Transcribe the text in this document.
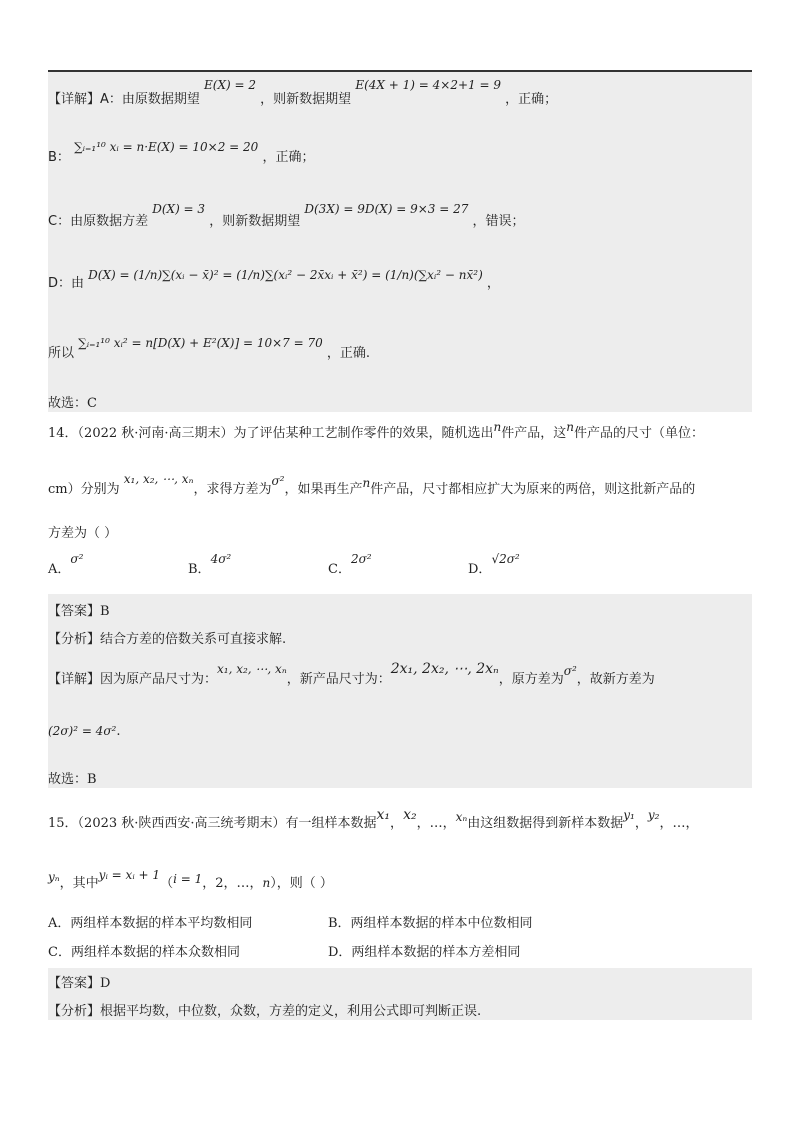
【详解】A：由原数据期望 E(X) = 2 ，则新数据期望 E(4X + 1) = 4×2+1 = 9 ，正确；
B： ∑ᵢ₌₁¹⁰ xᵢ = n·E(X) = 10×2 = 20 ，正确；
C：由原数据方差 D(X) = 3 ，则新数据期望 D(3X) = 9D(X) = 9×3 = 27 ，错误；
D：由 D(X) = (1/n)∑(xᵢ − x̄)² = (1/n)∑(xᵢ² − 2x̄xᵢ + x̄²) = (1/n)(∑xᵢ² − nx̄²) ，
所以 ∑ᵢ₌₁¹⁰ xᵢ² = n[D(X) + E²(X)] = 10×7 = 70 ，正确.
故选：C
14．（2022 秋·河南·高三期末）为了评估某种工艺制作零件的效果，随机选出n件产品，这n件产品的尺寸（单位：
cm）分别为 x₁, x₂, ⋯, xₙ，求得方差为σ²，如果再生产n件产品，尺寸都相应扩大为原来的两倍，则这批新产品的
方差为（ ）
A．σ²
B．4σ²
C．2σ²
D．√2σ²
【答案】B
【分析】结合方差的倍数关系可直接求解.
【详解】因为原产品尺寸为：x₁, x₂, ⋯, xₙ，新产品尺寸为：2x₁, 2x₂, ⋯, 2xₙ，原方差为σ²，故新方差为
(2σ)² = 4σ².
故选：B
15．（2023 秋·陕西西安·高三统考期末）有一组样本数据x₁，x₂，…，xₙ由这组数据得到新样本数据y₁，y₂，…，
yₙ，其中yᵢ = xᵢ + 1（i = 1，2，…，n），则（ ）
A．两组样本数据的样本平均数相同	B．两组样本数据的样本中位数相同
C．两组样本数据的样本众数相同	D．两组样本数据的样本方差相同
【答案】D
【分析】根据平均数，中位数，众数，方差的定义，利用公式即可判断正误.
